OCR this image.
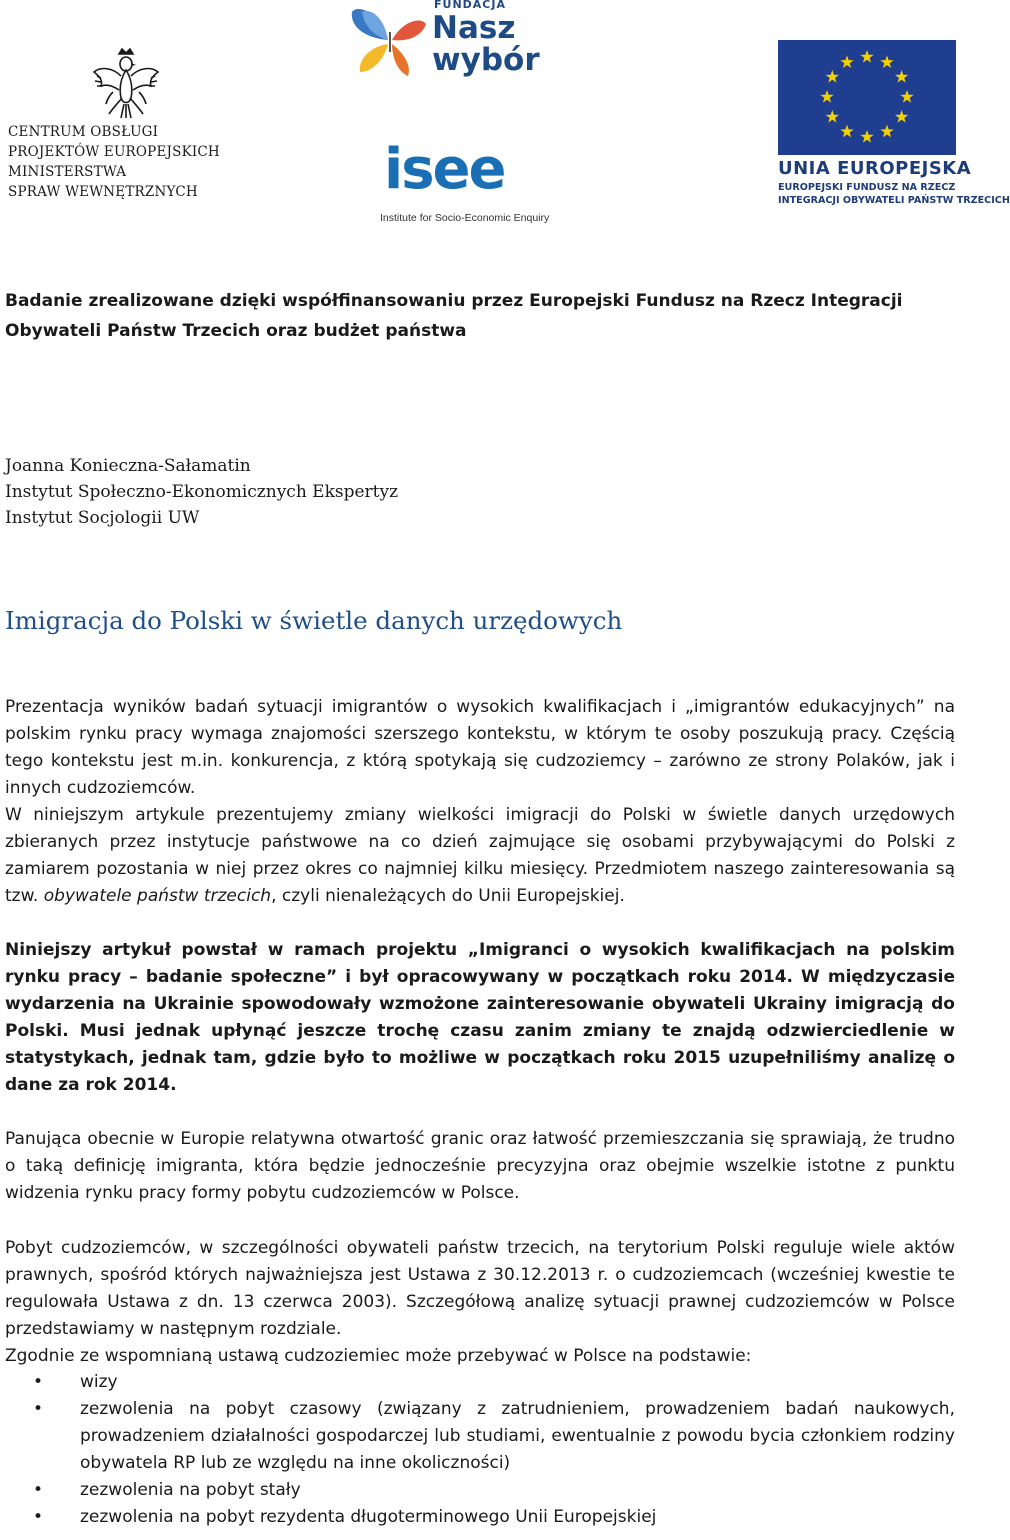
CENTRUM OBSŁUGI
PROJEKTÓW EUROPEJSKICH
MINISTERSTWA
SPRAW WEWNĘTRZNYCH
FUNDACJA
Nasz
wybór
isee
Institute for Socio-Economic Enquiry
UNIA EUROPEJSKA
EUROPEJSKI FUNDUSZ NA RZECZ
INTEGRACJI OBYWATELI PAŃSTW TRZECICH
Badanie zrealizowane dzięki współfinansowaniu przez Europejski Fundusz na Rzecz Integracji
Obywateli Państw Trzecich oraz budżet państwa
Joanna Konieczna-Sałamatin
Instytut Społeczno-Ekonomicznych Ekspertyz
Instytut Socjologii UW
Imigracja do Polski w świetle danych urzędowych
Prezentacja wyników badań sytuacji imigrantów o wysokich kwalifikacjach i „imigrantów edukacyjnych” na polskim rynku pracy wymaga znajomości szerszego kontekstu, w którym te osoby poszukują pracy. Częścią tego kontekstu jest m.in. konkurencja, z którą spotykają się cudzoziemcy – zarówno ze strony Polaków, jak i innych cudzoziemców.
W niniejszym artykule prezentujemy zmiany wielkości imigracji do Polski w świetle danych urzędowych zbieranych przez instytucje państwowe na co dzień zajmujące się osobami przybywającymi do Polski z zamiarem pozostania w niej przez okres co najmniej kilku miesięcy. Przedmiotem naszego zainteresowania są tzw. obywatele państw trzecich, czyli nienależących do Unii Europejskiej.
Niniejszy artykuł powstał w ramach projektu „Imigranci o wysokich kwalifikacjach na polskim rynku pracy – badanie społeczne” i był opracowywany w początkach roku 2014. W międzyczasie wydarzenia na Ukrainie spowodowały wzmożone zainteresowanie obywateli Ukrainy imigracją do Polski. Musi jednak upłynąć jeszcze trochę czasu zanim zmiany te znajdą odzwierciedlenie w statystykach, jednak tam, gdzie było to możliwe w początkach roku 2015 uzupełniliśmy analizę o dane za rok 2014.
Panująca obecnie w Europie relatywna otwartość granic oraz łatwość przemieszczania się sprawiają, że trudno o taką definicję imigranta, która będzie jednocześnie precyzyjna oraz obejmie wszelkie istotne z punktu widzenia rynku pracy formy pobytu cudzoziemców w Polsce.
Pobyt cudzoziemców, w szczególności obywateli państw trzecich, na terytorium Polski reguluje wiele aktów prawnych, spośród których najważniejsza jest Ustawa z 30.12.2013 r. o cudzoziemcach (wcześniej kwestie te regulowała Ustawa z dn. 13 czerwca 2003). Szczegółową analizę sytuacji prawnej cudzoziemców w Polsce przedstawiamy w następnym rozdziale.
Zgodnie ze wspomnianą ustawą cudzoziemiec może przebywać w Polsce na podstawie:
• wizy
• zezwolenia na pobyt czasowy (związany z zatrudnieniem, prowadzeniem badań naukowych, prowadzeniem działalności gospodarczej lub studiami, ewentualnie z powodu bycia członkiem rodziny obywatela RP lub ze względu na inne okoliczności)
• zezwolenia na pobyt stały
• zezwolenia na pobyt rezydenta długoterminowego Unii Europejskiej
